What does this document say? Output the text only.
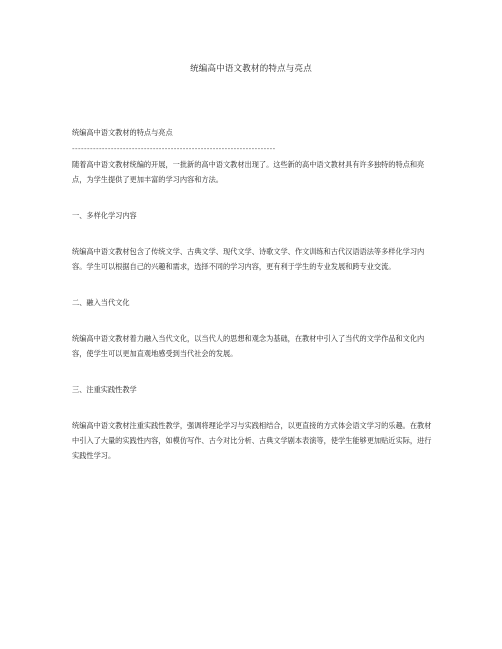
统编高中语文教材的特点与亮点

统编高中语文教材的特点与亮点

--------------------------------------------------------------------

随着高中语文教材统编的开展，一批新的高中语文教材出现了。这些新的高中语文教材具有许多独特的特点和亮点，为学生提供了更加丰富的学习内容和方法。

一、多样化学习内容

统编高中语文教材包含了传统文学、古典文学、现代文学、诗歌文学、作文训练和古代汉语语法等多样化学习内容。学生可以根据自己的兴趣和需求，选择不同的学习内容，更有利于学生的专业发展和跨专业交流。

二、融入当代文化

统编高中语文教材着力融入当代文化，以当代人的思想和观念为基础，在教材中引入了当代的文学作品和文化内容，使学生可以更加直观地感受到当代社会的发展。

三、注重实践性教学

统编高中语文教材注重实践性教学，强调将理论学习与实践相结合，以更直接的方式体会语文学习的乐趣。在教材中引入了大量的实践性内容，如模仿写作、古今对比分析、古典文学剧本表演等，使学生能够更加贴近实际，进行实践性学习。
